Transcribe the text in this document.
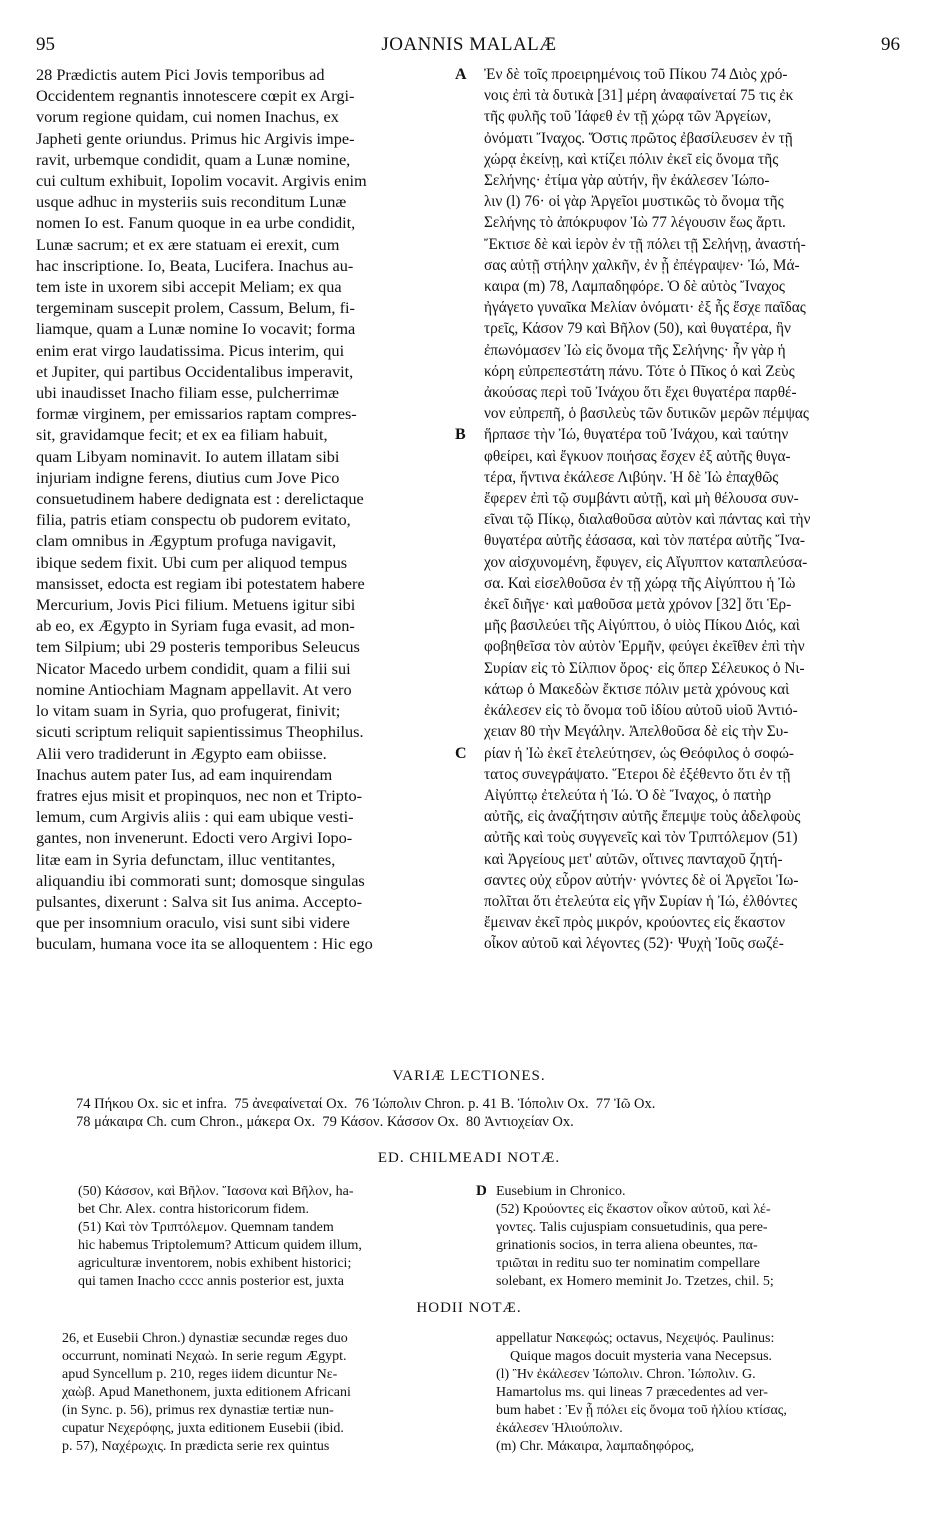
95	JOANNIS MALALÆ	96
28 Prædictis autem Pici Jovis temporibus ad
Occidentem regnantis innotescere cœpit ex Argi-
vorum regione quidam, cui nomen Inachus, ex
Japheti gente oriundus. Primus hic Argivis impe-
ravit, urbemque condidit, quam a Lunæ nomine,
cui cultum exhibuit, Iopolim vocavit. Argivis enim
usque adhuc in mysteriis suis reconditum Lunæ
nomen Io est. Fanum quoque in ea urbe condidit,
Lunæ sacrum; et ex ære statuam ei erexit, cum
hac inscriptione. Io, Beata, Lucifera. Inachus au-
tem iste in uxorem sibi accepit Meliam; ex qua
tergeminam suscepit prolem, Cassum, Belum, fi-
liamque, quam a Lunæ nomine Io vocavit; forma
enim erat virgo laudatissima. Picus interim, qui
et Jupiter, qui partibus Occidentalibus imperavit,
ubi inaudisset Inacho filiam esse, pulcherrimæ
formæ virginem, per emissarios raptam compres-
sit, gravidamque fecit; et ex ea filiam habuit,
quam Libyam nominavit. Io autem illatam sibi
injuriam indigne ferens, diutius cum Jove Pico
consuetudinem habere dedignata est : derelictaque
filia, patris etiam conspectu ob pudorem evitato,
clam omnibus in Ægyptum profuga navigavit,
ibique sedem fixit. Ubi cum per aliquod tempus
mansisset, edocta est regiam ibi potestatem habere
Mercurium, Jovis Pici filium. Metuens igitur sibi
ab eo, ex Ægypto in Syriam fuga evasit, ad mon-
tem Silpium; ubi 29 posteris temporibus Seleucus
Nicator Macedo urbem condidit, quam a filii sui
nomine Antiochiam Magnam appellavit. At vero
lo vitam suam in Syria, quo profugerat, finivit;
sicuti scriptum reliquit sapientissimus Theophilus.
Alii vero tradiderunt in Ægypto eam obiisse.
Inachus autem pater Ius, ad eam inquirendam
fratres ejus misit et propinquos, nec non et Tripto-
lemum, cum Argivis aliis : qui eam ubique vesti-
gantes, non invenerunt. Edocti vero Argivi Iopo-
litæ eam in Syria defunctam, illuc ventitantes,
aliquandiu ibi commorati sunt; domosque singulas
pulsantes, dixerunt : Salva sit Ius anima. Accepto-
que per insomnium oraculo, visi sunt sibi videre
buculam, humana voce ita se alloquentem : Hic ego
A

B

C
Ἐν δὲ τοῖς προειρημένοις τοῦ Πίκου 74 Διὸς χρό-
νοις ἐπὶ τὰ δυτικὰ [31] μέρη ἀναφαίνεταί 75 τις ἐκ
τῆς φυλῆς τοῦ Ἰάφεθ ἐν τῇ χώρᾳ τῶν Ἀργείων,
ὀνόματι Ἴναχος. Ὅστις πρῶτος ἐβασίλευσεν ἐν τῇ
χώρᾳ ἐκείνῃ, καὶ κτίζει πόλιν ἐκεῖ εἰς ὄνομα τῆς
Σελήνης· ἐτίμα γὰρ αὐτήν, ἣν ἐκάλεσεν Ἰώπο-
λιν (l) 76· οἱ γὰρ Ἀργεῖοι μυστικῶς τὸ ὄνομα τῆς
Σελήνης τὸ ἀπόκρυφον Ἰὼ 77 λέγουσιν ἕως ἄρτι.
Ἔκτισε δὲ καὶ ἱερὸν ἐν τῇ πόλει τῇ Σελήνῃ, ἀναστή-
σας αὐτῇ στήλην χαλκῆν, ἐν ᾗ ἐπέγραψεν· Ἰώ, Μά-
καιρα (m) 78, Λαμπαδηφόρε. Ὁ δὲ αὐτὸς Ἴναχος
ἠγάγετο γυναῖκα Μελίαν ὀνόματι· ἐξ ἧς ἔσχε παῖδας
τρεῖς, Κάσον 79 καὶ Βῆλον (50), καὶ θυγατέρα, ἣν
ἐπωνόμασεν Ἰὼ εἰς ὄνομα τῆς Σελήνης· ἦν γὰρ ἡ
κόρη εὐπρεπεστάτη πάνυ. Τότε ὁ Πῖκος ὁ καὶ Ζεὺς
ἀκούσας περὶ τοῦ Ἰνάχου ὅτι ἔχει θυγατέρα παρθέ-
νον εὐπρεπῆ, ὁ βασιλεὺς τῶν δυτικῶν μερῶν πέμψας
ἥρπασε τὴν Ἰώ, θυγατέρα τοῦ Ἰνάχου, καὶ ταύτην
φθείρει, καὶ ἔγκυον ποιήσας ἔσχεν ἐξ αὐτῆς θυγα-
τέρα, ἥντινα ἐκάλεσε Λιβύην. Ἡ δὲ Ἰὼ ἐπαχθῶς
ἔφερεν ἐπὶ τῷ συμβάντι αὐτῇ, καὶ μὴ θέλουσα συν-
εῖναι τῷ Πίκῳ, διαλαθοῦσα αὐτὸν καὶ πάντας καὶ τὴν
θυγατέρα αὐτῆς ἐάσασα, καὶ τὸν πατέρα αὐτῆς Ἴνα-
χον αἰσχυνομένη, ἔφυγεν, εἰς Αἴγυπτον καταπλεύσα-
σα. Καὶ εἰσελθοῦσα ἐν τῇ χώρᾳ τῆς Αἰγύπτου ἡ Ἰὼ
ἐκεῖ διῆγε· καὶ μαθοῦσα μετὰ χρόνον [32] ὅτι Ἑρ-
μῆς βασιλεύει τῆς Αἰγύπτου, ὁ υἱὸς Πίκου Διός, καὶ
φοβηθεῖσα τὸν αὐτὸν Ἑρμῆν, φεύγει ἐκεῖθεν ἐπὶ τὴν
Συρίαν εἰς τὸ Σίλπιον ὄρος· εἰς ὅπερ Σέλευκος ὁ Νι-
κάτωρ ὁ Μακεδὼν ἔκτισε πόλιν μετὰ χρόνους καὶ
ἐκάλεσεν εἰς τὸ ὄνομα τοῦ ἰδίου αὐτοῦ υἱοῦ Ἀντιό-
χειαν 80 τὴν Μεγάλην. Ἀπελθοῦσα δὲ εἰς τὴν Συ-
ρίαν ἡ Ἰὼ ἐκεῖ ἐτελεύτησεν, ὡς Θεόφιλος ὁ σοφώ-
τατος συνεγράψατο. Ἕτεροι δὲ ἐξέθεντο ὅτι ἐν τῇ
Αἰγύπτῳ ἐτελεύτα ἡ Ἰώ. Ὁ δὲ Ἴναχος, ὁ πατὴρ
αὐτῆς, εἰς ἀναζήτησιν αὐτῆς ἔπεμψε τοὺς ἀδελφοὺς
αὐτῆς καὶ τοὺς συγγενεῖς καὶ τὸν Τριπτόλεμον (51)
καὶ Ἀργείους μετ' αὐτῶν, οἵτινες πανταχοῦ ζητή-
σαντες οὐχ εὗρον αὐτήν· γνόντες δὲ οἱ Ἀργεῖοι Ἰω-
πολῖται ὅτι ἐτελεύτα εἰς γῆν Συρίαν ἡ Ἰώ, ἐλθόντες
ἔμειναν ἐκεῖ πρὸς μικρόν, κρούοντες εἰς ἕκαστον
οἶκον αὐτοῦ καὶ λέγοντες (52)· Ψυχὴ Ἰοῦς σωζέ-
VARIÆ LECTIONES.
74 Πήκου Ox. sic et infra.  75 ἀνεφαίνεταί Ox.  76 Ἰώπολιν Chron. p. 41 B. Ἰόπολιν Ox.  77 Ἰῶ Ox.
78 μάκαιρα Ch. cum Chron., μάκερα Ox.  79 Κάσον. Κάσσον Ox.  80 Ἀντιοχείαν Ox.
ED. CHILMEADI NOTÆ.
(50) Κάσσον, καὶ Βῆλον. Ἴασονα καὶ Βῆλον, ha-
bet Chr. Alex. contra historicorum fidem.
(51) Καὶ τὸν Τριπτόλεμον. Quemnam tandem
hic habemus Triptolemum? Atticum quidem illum,
agriculturæ inventorem, nobis exhibent historici;
qui tamen Inacho cccc annis posterior est, juxta
D Eusebium in Chronico.
(52) Κρούοντες εἰς ἕκαστον οἶκον αὐτοῦ, καὶ λέ-
γοντες. Talis cujuspiam consuetudinis, qua pere-
grinationis socios, in terra aliena obeuntes, πα-
τριῶται in reditu suo ter nominatim compellare
solebant, ex Homero meminit Jo. Tzetzes, chil. 5;
HODII NOTÆ.
26, et Eusebii Chron.) dynastiæ secundæ reges duo
occurrunt, nominati Νεχαὼ. In serie regum Ægypt.
apud Syncellum p. 210, reges iidem dicuntur Νε-
χαὼβ. Apud Manethonem, juxta editionem Africani
(in Sync. p. 56), primus rex dynastiæ tertiæ nun-
cupatur Νεχερόφης, juxta editionem Eusebii (ibid.
p. 57), Ναχέρωχις. In prædicta serie rex quintus
appellatur Νακεφώς; octavus, Νεχεψός. Paulinus:
Quique magos docuit mysteria vana Necepsus.
(l) Ἣν ἐκάλεσεν Ἰώπολιν. Chron. Ἰώπολιν. G.
Hamartolus ms. qui lineas 7 præcedentes ad ver-
bum habet : Ἐν ᾗ πόλει εἰς ὄνομα τοῦ ἡλίου κτίσας,
ἐκάλεσεν Ἡλιούπολιν.
(m) Chr. Μάκαιρα, λαμπαδηφόρος,
